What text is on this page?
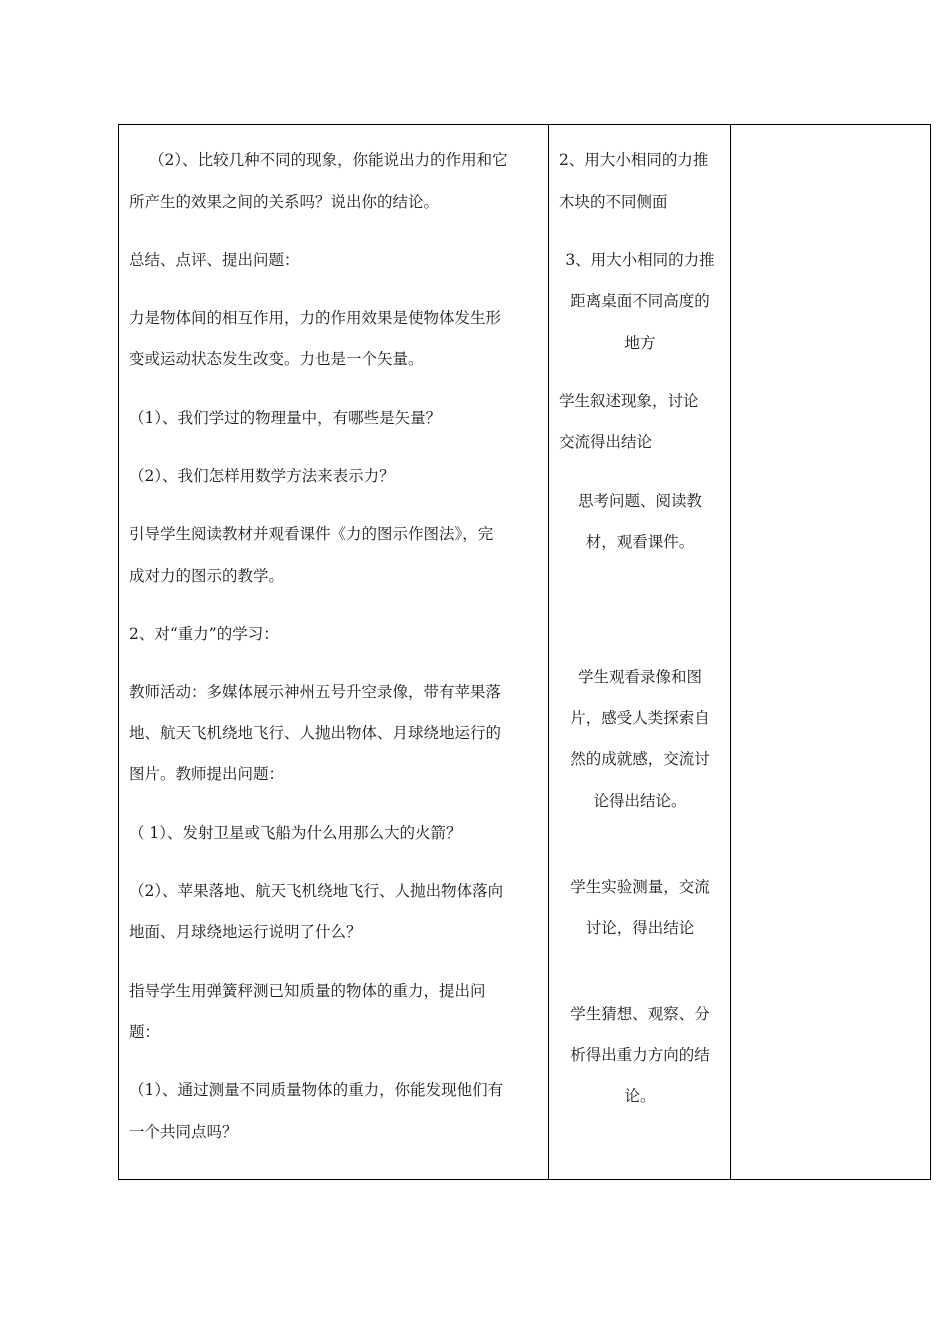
（2）、比较几种不同的现象，你能说出力的作用和它
所产生的效果之间的关系吗？说出你的结论。
总结、点评、提出问题：
力是物体间的相互作用，力的作用效果是使物体发生形
变或运动状态发生改变。力也是一个矢量。
（1）、我们学过的物理量中，有哪些是矢量？
（2）、我们怎样用数学方法来表示力？
引导学生阅读教材并观看课件《力的图示作图法》，完
成对力的图示的教学。
2、对“重力”的学习：
教师活动：多媒体展示神州五号升空录像，带有苹果落
地、航天飞机绕地飞行、人抛出物体、月球绕地运行的
图片。教师提出问题：
（ 1）、发射卫星或飞船为什么用那么大的火箭？
（2）、苹果落地、航天飞机绕地飞行、人抛出物体落向
地面、月球绕地运行说明了什么？
指导学生用弹簧秤测已知质量的物体的重力，提出问
题：
（1）、通过测量不同质量物体的重力，你能发现他们有
一个共同点吗？
2、用大小相同的力推
木块的不同侧面
3、用大小相同的力推
距离桌面不同高度的
地方
学生叙述现象，讨论
交流得出结论
思考问题、阅读教
材，观看课件。
学生观看录像和图
片，感受人类探索自
然的成就感，交流讨
论得出结论。
学生实验测量，交流
讨论，得出结论
学生猜想、观察、分
析得出重力方向的结
论。
